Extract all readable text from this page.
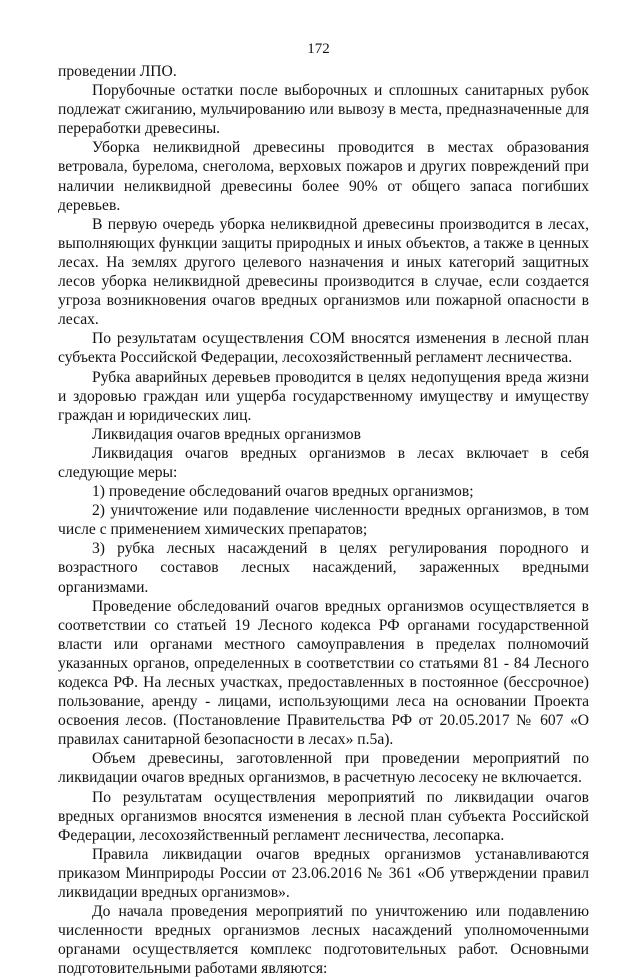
172

проведении ЛПО.

Порубочные остатки после выборочных и сплошных санитарных рубок подлежат сжиганию, мульчированию или вывозу в места, предназначенные для переработки древесины.

Уборка неликвидной древесины проводится в местах образования ветровала, бурелома, снеголома, верховых пожаров и других повреждений при наличии неликвидной древесины более 90% от общего запаса погибших деревьев.

В первую очередь уборка неликвидной древесины производится в лесах, выполняющих функции защиты природных и иных объектов, а также в ценных лесах. На землях другого целевого назначения и иных категорий защитных лесов уборка неликвидной древесины производится в случае, если создается угроза возникновения очагов вредных организмов или пожарной опасности в лесах.

По результатам осуществления СОМ вносятся изменения в лесной план субъекта Российской Федерации, лесохозяйственный регламент лесничества.

Рубка аварийных деревьев проводится в целях недопущения вреда жизни и здоровью граждан или ущерба государственному имуществу и имуществу граждан и юридических лиц.

Ликвидация очагов вредных организмов

Ликвидация очагов вредных организмов в лесах включает в себя следующие меры:

1) проведение обследований очагов вредных организмов;

2) уничтожение или подавление численности вредных организмов, в том числе с применением химических препаратов;

3) рубка лесных насаждений в целях регулирования породного и возрастного составов лесных насаждений, зараженных вредными организмами.

Проведение обследований очагов вредных организмов осуществляется в соответствии со статьей 19 Лесного кодекса РФ органами государственной власти или органами местного самоуправления в пределах полномочий указанных органов, определенных в соответствии со статьями 81 - 84 Лесного кодекса РФ. На лесных участках, предоставленных в постоянное (бессрочное) пользование, аренду - лицами, использующими леса на основании Проекта освоения лесов. (Постановление Правительства РФ от 20.05.2017 № 607 «О правилах санитарной безопасности в лесах» п.5а).

Объем древесины, заготовленной при проведении мероприятий по ликвидации очагов вредных организмов, в расчетную лесосеку не включается.

По результатам осуществления мероприятий по ликвидации очагов вредных организмов вносятся изменения в лесной план субъекта Российской Федерации, лесохозяйственный регламент лесничества, лесопарка.

Правила ликвидации очагов вредных организмов устанавливаются приказом Минприроды России от 23.06.2016 № 361 «Об утверждении правил ликвидации вредных организмов».

До начала проведения мероприятий по уничтожению или подавлению численности вредных организмов лесных насаждений уполномоченными органами осуществляется комплекс подготовительных работ. Основными подготовительными работами являются:
